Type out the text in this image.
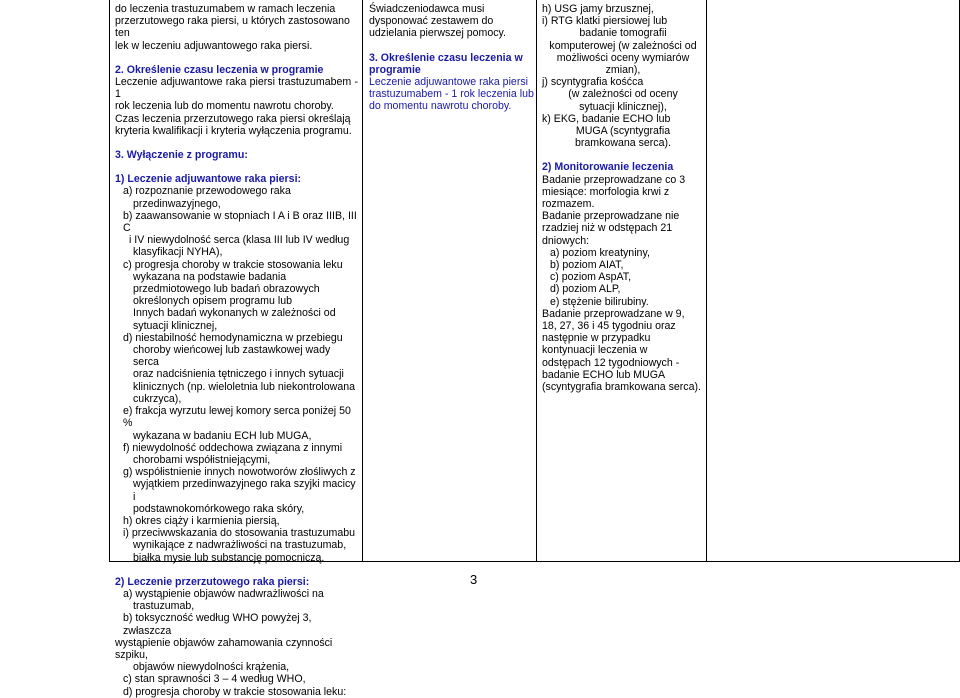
do leczenia trastuzumabem w ramach leczenia

przerzutowego raka piersi, u których zastosowano ten

lek w leczeniu adjuwantowego raka piersi.

2. Określenie czasu leczenia w programie

Leczenie adjuwantowe raka piersi trastuzumabem - 1

rok leczenia lub do momentu nawrotu choroby.

Czas leczenia przerzutowego raka piersi określają

kryteria kwalifikacji i kryteria wyłączenia programu.

3. Wyłączenie z programu:

1) Leczenie adjuwantowe raka piersi:

a) rozpoznanie przewodowego raka

przedinwazyjnego,

b) zaawansowanie w stopniach I A i B oraz IIIB, III C

i IV niewydolność serca (klasa III lub IV według

klasyfikacji NYHA),

c) progresja choroby w trakcie stosowania leku

wykazana na podstawie badania

przedmiotowego lub badań obrazowych

określonych opisem programu lub

Innych badań wykonanych w zależności od

sytuacji klinicznej,

d) niestabilność hemodynamiczna w przebiegu

choroby wieńcowej lub zastawkowej wady serca

oraz nadciśnienia tętniczego i innych sytuacji

klinicznych (np. wieloletnia lub niekontrolowana

cukrzyca),

e) frakcja wyrzutu lewej komory serca poniżej 50 %

wykazana w badaniu ECH lub MUGA,

f) niewydolność oddechowa związana z innymi

chorobami współistniejącymi,

g) współistnienie innych nowotworów złośliwych z

wyjątkiem przedinwazyjnego raka szyjki macicy i

podstawnokomórkowego raka skóry,

h) okres ciąży i karmienia piersią,

i) przeciwwskazania do stosowania trastuzumabu

wynikające z nadwrażliwości na trastuzumab,

białka mysie lub substancję pomocniczą.

2) Leczenie przerzutowego raka piersi:

a) wystąpienie objawów nadwrażliwości na

trastuzumab,

b) toksyczność według WHO powyżej 3, zwłaszcza

wystąpienie objawów zahamowania czynności szpiku,

objawów niewydolności krążenia,

c) stan sprawności 3 – 4 według WHO,

d) progresja choroby w trakcie stosowania leku:

Świadczeniodawca musi

dysponować zestawem do

udzielania pierwszej pomocy.

3. Określenie czasu leczenia w

programie

Leczenie adjuwantowe raka piersi

trastuzumabem - 1 rok leczenia lub

do momentu nawrotu choroby.

h) USG jamy brzusznej,

i) RTG klatki piersiowej lub

badanie tomografii

komputerowej (w zależności od

możliwości oceny wymiarów

zmian),

j) scyntygrafia kośćca

(w zależności od oceny

sytuacji klinicznej),

k) EKG, badanie ECHO lub

MUGA (scyntygrafia

bramkowana serca).

2) Monitorowanie leczenia

Badanie przeprowadzane co 3

miesiące: morfologia krwi z

rozmazem.

Badanie przeprowadzane nie

rzadziej niż w odstępach 21

dniowych:

a) poziom kreatyniny,

b) poziom AIAT,

c) poziom AspAT,

d) poziom ALP,

e) stężenie bilirubiny.

Badanie przeprowadzane w 9,

18, 27, 36 i 45 tygodniu oraz

następnie w przypadku

kontynuacji leczenia w

odstępach 12 tygodniowych -

badanie ECHO lub MUGA

(scyntygrafia bramkowana serca).

3
